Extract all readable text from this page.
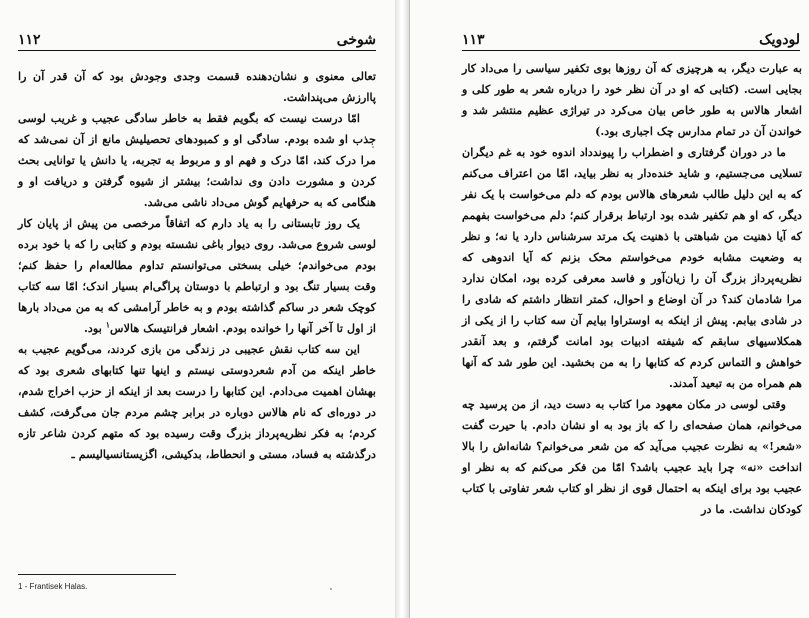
۱۱۲	شوخی

تعالی معنوی و نشان‌دهنده قسمت وجدی وجودش بود که آن قدر آن را پاارزش می‌پنداشت.

امّا درست نیست که بگویم فقط به خاطر سادگی عجیب و غریب لوسی جذب او شده بودم. سادگی او و کمبودهای تحصیلیش مانع از آن نمی‌شد که مرا درک کند، امّا درک و فهم او و مربوط به تجربه، یا دانش یا توانایی بحث کردن و مشورت دادن وی نداشت؛ بیشتر از شیوه گرفتن و دریافت او و هنگامی که به حرفهایم گوش می‌داد ناشی می‌شد.

یک روز تابستانی را به یاد دارم که اتفاقاً مرخصی من پیش از پایان کار لوسی شروع می‌شد. روی دیوار باغی نشسته بودم و کتابی را که با خود برده بودم می‌خواندم؛ خیلی بسختی می‌توانستم تداوم مطالعه‌ام را حفظ کنم؛ وقت بسیار تنگ بود و ارتباطم با دوستان پراگی‌ام بسیار اندک؛ امّا سه کتاب کوچک شعر در ساکم گذاشته بودم و به خاطر آرامشی که به من می‌داد بارها از اول تا آخر آنها را خوانده بودم. اشعار فرانتیسک هالاس$^۱$ بود.

این سه کتاب نقش عجیبی در زندگی من بازی کردند، می‌گویم عجیب به خاطر اینکه من آدم شعردوستی نیستم و اینها تنها کتابهای شعری بود که بهشان اهمیت می‌دادم. این کتابها را درست بعد از اینکه از حزب اخراج شدم، در دوره‌ای که نام هالاس دوباره در برابر چشم مردم جان می‌گرفت، کشف کردم؛ به فکر نظریه‌پرداز بزرگ وقت رسیده بود که متهم کردن شاعر تازه درگذشته به فساد، مستی و انحطاط، بدکیشی، اگزیستانسیالیسم ـ

1 - Frantisek Halas.
۱۱۳	لودویک

به عبارت دیگر، به هرچیزی که آن روزها بوی تکفیر سیاسی را می‌داد کار بجایی است. (کتابی که او در آن نظر خود را درباره شعر به طور کلی و اشعار هالاس به طور خاص بیان می‌کرد در تیراژی عظیم منتشر شد و خواندن آن در تمام مدارس چک اجباری بود.)

ما در دوران گرفتاری و اضطراب را پیوندداد اندوه خود به غم دیگران تسلایی می‌جستیم، و شاید خنده‌دار به نظر بیاید، امّا من اعتراف می‌کنم که به این دلیل طالب شعرهای هالاس بودم که دلم می‌خواست با یک نفر دیگر، که او هم تکفیر شده بود ارتباط برقرار کنم؛ دلم می‌خواست بفهمم که آیا ذهنیت من شباهتی با ذهنیت یک مرتد سرشناس دارد یا نه؛ و نظر به وضعیت مشابه خودم می‌خواستم محک بزنم که آیا اندوهی که نظریه‌پرداز بزرگ آن را زیان‌آور و فاسد معرفی کرده بود، امکان ندارد مرا شادمان کند؟ در آن اوضاع و احوال، کمتر انتظار داشتم که شادی را در شادی بیابم. پیش از اینکه به اوستراوا بیایم آن سه کتاب را از یکی از همکلاسیهای سابقم که شیفته ادبیات بود امانت گرفتم، و بعد آنقدر خواهش و التماس کردم که کتابها را به من بخشید. این طور شد که آنها هم همراه من به تبعید آمدند.

وقتی لوسی در مکان معهود مرا کتاب به دست دید، از من پرسید چه می‌خوانم، همان صفحه‌ای را که باز بود به او نشان دادم. با حیرت گفت «شعر!» به نظرت عجیب می‌آید که من شعر می‌خوانم؟ شانه‌اش را بالا انداخت «نه» چرا باید عجیب باشد؟ امّا من فکر می‌کنم که به نظر او عجیب بود برای اینکه به احتمال قوی از نظر او کتاب شعر تفاوتی با کتاب کودکان نداشت. ما در
